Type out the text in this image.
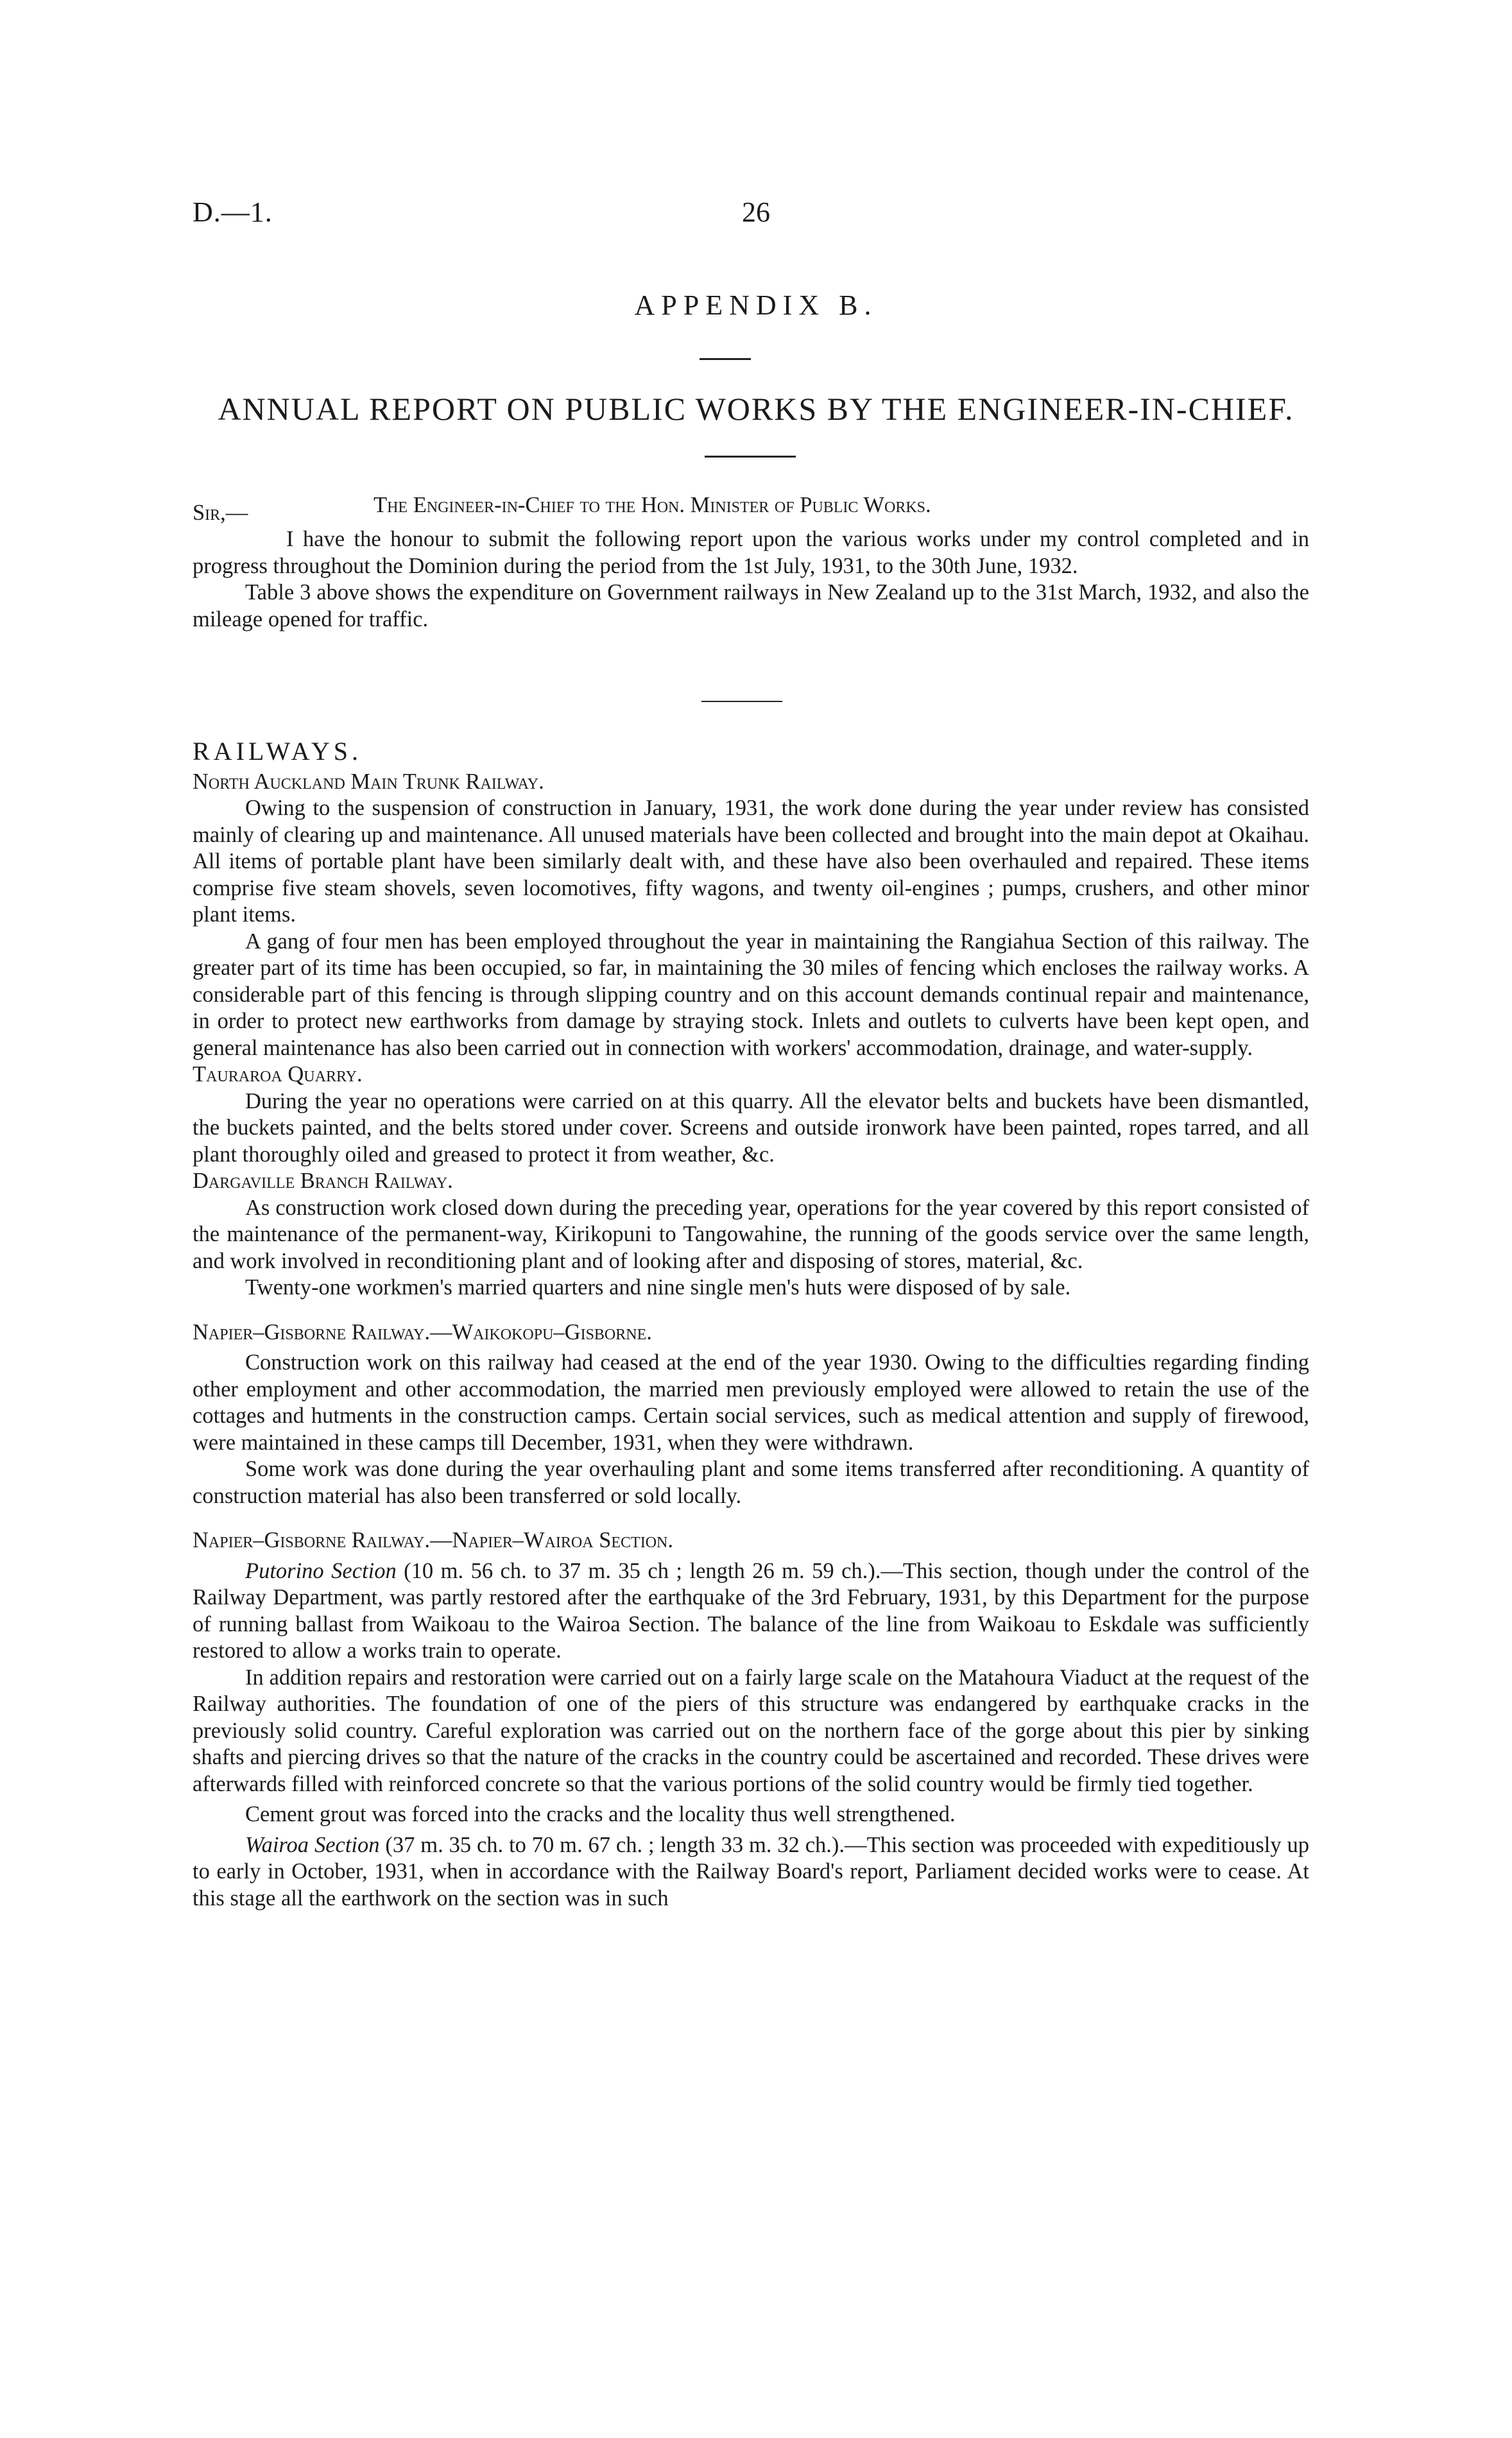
D.—1.	26
APPENDIX B.
ANNUAL REPORT ON PUBLIC WORKS BY THE ENGINEER-IN-CHIEF.
Sir,—	The Engineer-in-Chief to the Hon. Minister of Public Works.

I have the honour to submit the following report upon the various works under my control completed and in progress throughout the Dominion during the period from the 1st July, 1931, to the 30th June, 1932.

Table 3 above shows the expenditure on Government railways in New Zealand up to the 31st March, 1932, and also the mileage opened for traffic.

RAILWAYS.

North Auckland Main Trunk Railway.

Owing to the suspension of construction in January, 1931, the work done during the year under review has consisted mainly of clearing up and maintenance. All unused materials have been collected and brought into the main depot at Okaihau. All items of portable plant have been similarly dealt with, and these have also been overhauled and repaired. These items comprise five steam shovels, seven locomotives, fifty wagons, and twenty oil-engines ; pumps, crushers, and other minor plant items.

A gang of four men has been employed throughout the year in maintaining the Rangiahua Section of this railway. The greater part of its time has been occupied, so far, in maintaining the 30 miles of fencing which encloses the railway works. A considerable part of this fencing is through slipping country and on this account demands continual repair and maintenance, in order to protect new earthworks from damage by straying stock. Inlets and outlets to culverts have been kept open, and general maintenance has also been carried out in connection with workers' accommodation, drainage, and water-supply.

Tauraroa Quarry.

During the year no operations were carried on at this quarry. All the elevator belts and buckets have been dismantled, the buckets painted, and the belts stored under cover. Screens and outside ironwork have been painted, ropes tarred, and all plant thoroughly oiled and greased to protect it from weather, &c.

Dargaville Branch Railway.

As construction work closed down during the preceding year, operations for the year covered by this report consisted of the maintenance of the permanent-way, Kirikopuni to Tangowahine, the running of the goods service over the same length, and work involved in reconditioning plant and of looking after and disposing of stores, material, &c.

Twenty-one workmen's married quarters and nine single men's huts were disposed of by sale.

Napier–Gisborne Railway.—Waikokopu–Gisborne.

Construction work on this railway had ceased at the end of the year 1930. Owing to the difficulties regarding finding other employment and other accommodation, the married men previously employed were allowed to retain the use of the cottages and hutments in the construction camps. Certain social services, such as medical attention and supply of firewood, were maintained in these camps till December, 1931, when they were withdrawn.

Some work was done during the year overhauling plant and some items transferred after reconditioning. A quantity of construction material has also been transferred or sold locally.

Napier–Gisborne Railway.—Napier–Wairoa Section.

Putorino Section (10 m. 56 ch. to 37 m. 35 ch ; length 26 m. 59 ch.).—This section, though under the control of the Railway Department, was partly restored after the earthquake of the 3rd February, 1931, by this Department for the purpose of running ballast from Waikoau to the Wairoa Section. The balance of the line from Waikoau to Eskdale was sufficiently restored to allow a works train to operate.

In addition repairs and restoration were carried out on a fairly large scale on the Matahoura Viaduct at the request of the Railway authorities. The foundation of one of the piers of this structure was endangered by earthquake cracks in the previously solid country. Careful exploration was carried out on the northern face of the gorge about this pier by sinking shafts and piercing drives so that the nature of the cracks in the country could be ascertained and recorded. These drives were afterwards filled with reinforced concrete so that the various portions of the solid country would be firmly tied together.

Cement grout was forced into the cracks and the locality thus well strengthened.

Wairoa Section (37 m. 35 ch. to 70 m. 67 ch. ; length 33 m. 32 ch.).—This section was proceeded with expeditiously up to early in October, 1931, when in accordance with the Railway Board's report, Parliament decided works were to cease. At this stage all the earthwork on the section was in such
